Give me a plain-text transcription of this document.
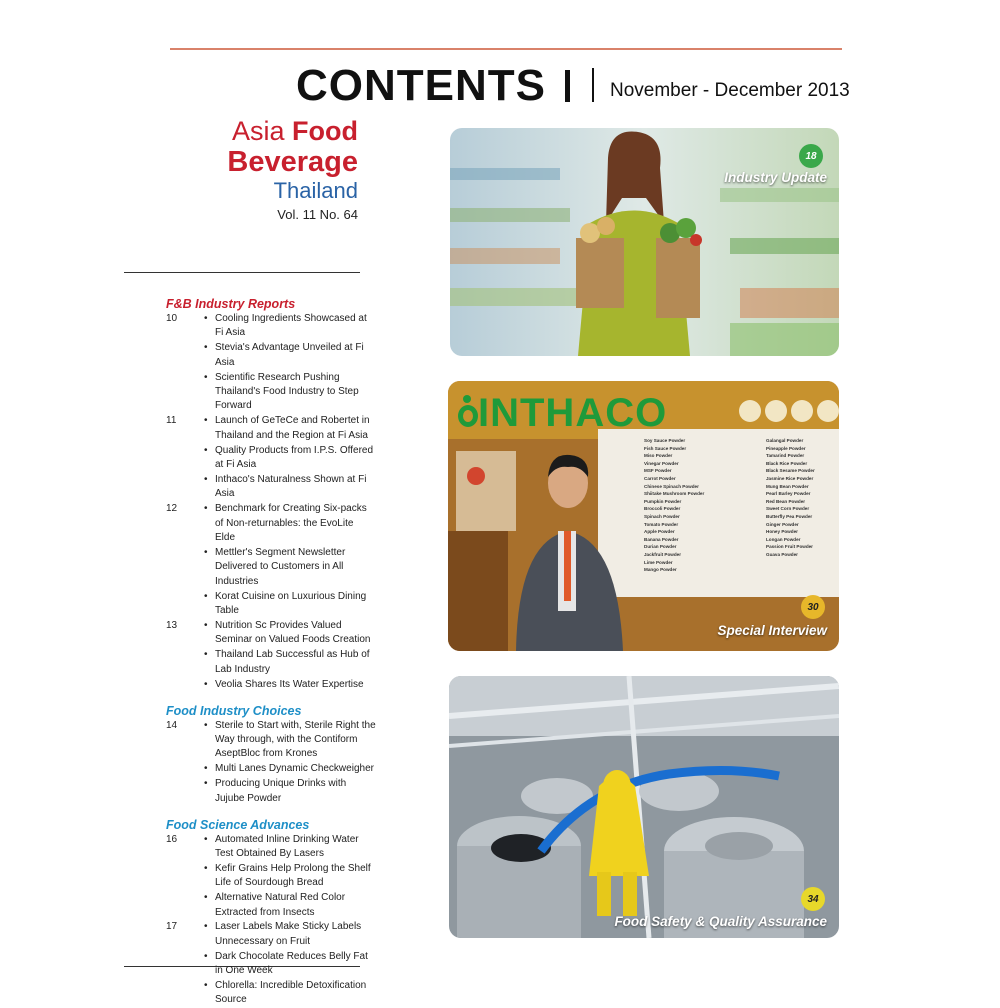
CONTENTS	November - December 2013
Asia Food
Beverage
Thailand
Vol. 11 No. 64
F&B Industry Reports
10	• Cooling Ingredients Showcased at Fi Asia
• Stevia's Advantage Unveiled at Fi Asia
• Scientific Research Pushing Thailand's Food Industry to Step Forward
11	• Launch of GeTeCe and Robertet in Thailand and the Region at Fi Asia
• Quality Products from I.P.S. Offered at Fi Asia
• Inthaco's Naturalness Shown at Fi Asia
12	• Benchmark for Creating Six-packs of Non-returnables: the EvoLite Elde
• Mettler's Segment Newsletter Delivered to Customers in All Industries
• Korat Cuisine on Luxurious Dining Table
13	• Nutrition Sc Provides Valued Seminar on Valued Foods Creation
• Thailand Lab Successful as Hub of Lab Industry
• Veolia Shares Its Water Expertise
Food Industry Choices
14	• Sterile to Start with, Sterile Right the Way through, with the Contiform AseptBloc from Krones
• Multi Lanes Dynamic Checkweigher
• Producing Unique Drinks with Jujube Powder
Food Science Advances
16	• Automated Inline Drinking Water Test Obtained By Lasers
• Kefir Grains Help Prolong the Shelf Life of Sourdough Bread
• Alternative Natural Red Color Extracted from Insects
17	• Laser Labels Make Sticky Labels Unnecessary on Fruit
• Dark Chocolate Reduces Belly Fat in One Week
• Chlorella: Incredible Detoxification Source
Industry Update
18
INTHACO
Soy Sauce Powder
Fish Sauce Powder
Miso Powder
Vinegar Powder
MSF Powder
Carrot Powder
Chinese Spinach Powder
Shiitake Mushroom Powder
Pumpkin Powder
Broccoli Powder
Spinach Powder
Tomato Powder
Apple Powder
Banana Powder
Durian Powder
Jackfruit Powder
Lime Powder
Mango Powder
Galangal Powder
Pineapple Powder
Tamarind Powder
Black Rice Powder
Black Sesame Powder
Jasmine Rice Powder
Mung Bean Powder
Pearl Barley Powder
Red Bean Powder
Sweet Corn Powder
Butterfly Pea Powder
Ginger Powder
Honey Powder
Longan Powder
Passion Fruit Powder
Guava Powder
Special Interview
30
Food Safety & Quality Assurance
34
